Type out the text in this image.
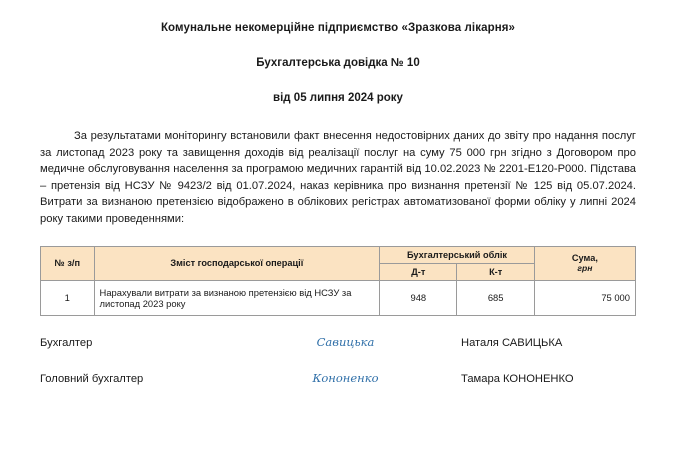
Комунальне некомерційне підприємство «Зразкова лікарня»
Бухгалтерська довідка № 10
від 05 липня 2024 року
За результатами моніторингу встановили факт внесення недостовірних даних до звіту про надання послуг за листопад 2023 року та завищення доходів від реалізації послуг на суму 75 000 грн згідно з Договором про медичне обслуговування населення за програмою медичних гарантій від 10.02.2023 № 2201-E120-P000. Підстава – претензія від НСЗУ № 9423/2 від 01.07.2024, наказ керівника про визнання претензії № 125 від 05.07.2024. Витрати за визнаною претензією відображено в облікових регістрах автоматизованої форми обліку у липні 2024 року такими проведеннями:
№ з/п	Зміст господарської операції	Бухгалтерський облік		Сума,
грн

		Д-т	К-т	
1	Нарахували витрати за визнаною претензією від НСЗУ за листопад 2023 року	948	685	75 000
Бухгалтер	Савицька	Наталя САВИЦЬКА
Головний бухгалтер	Кононенко	Тамара КОНОНЕНКО
